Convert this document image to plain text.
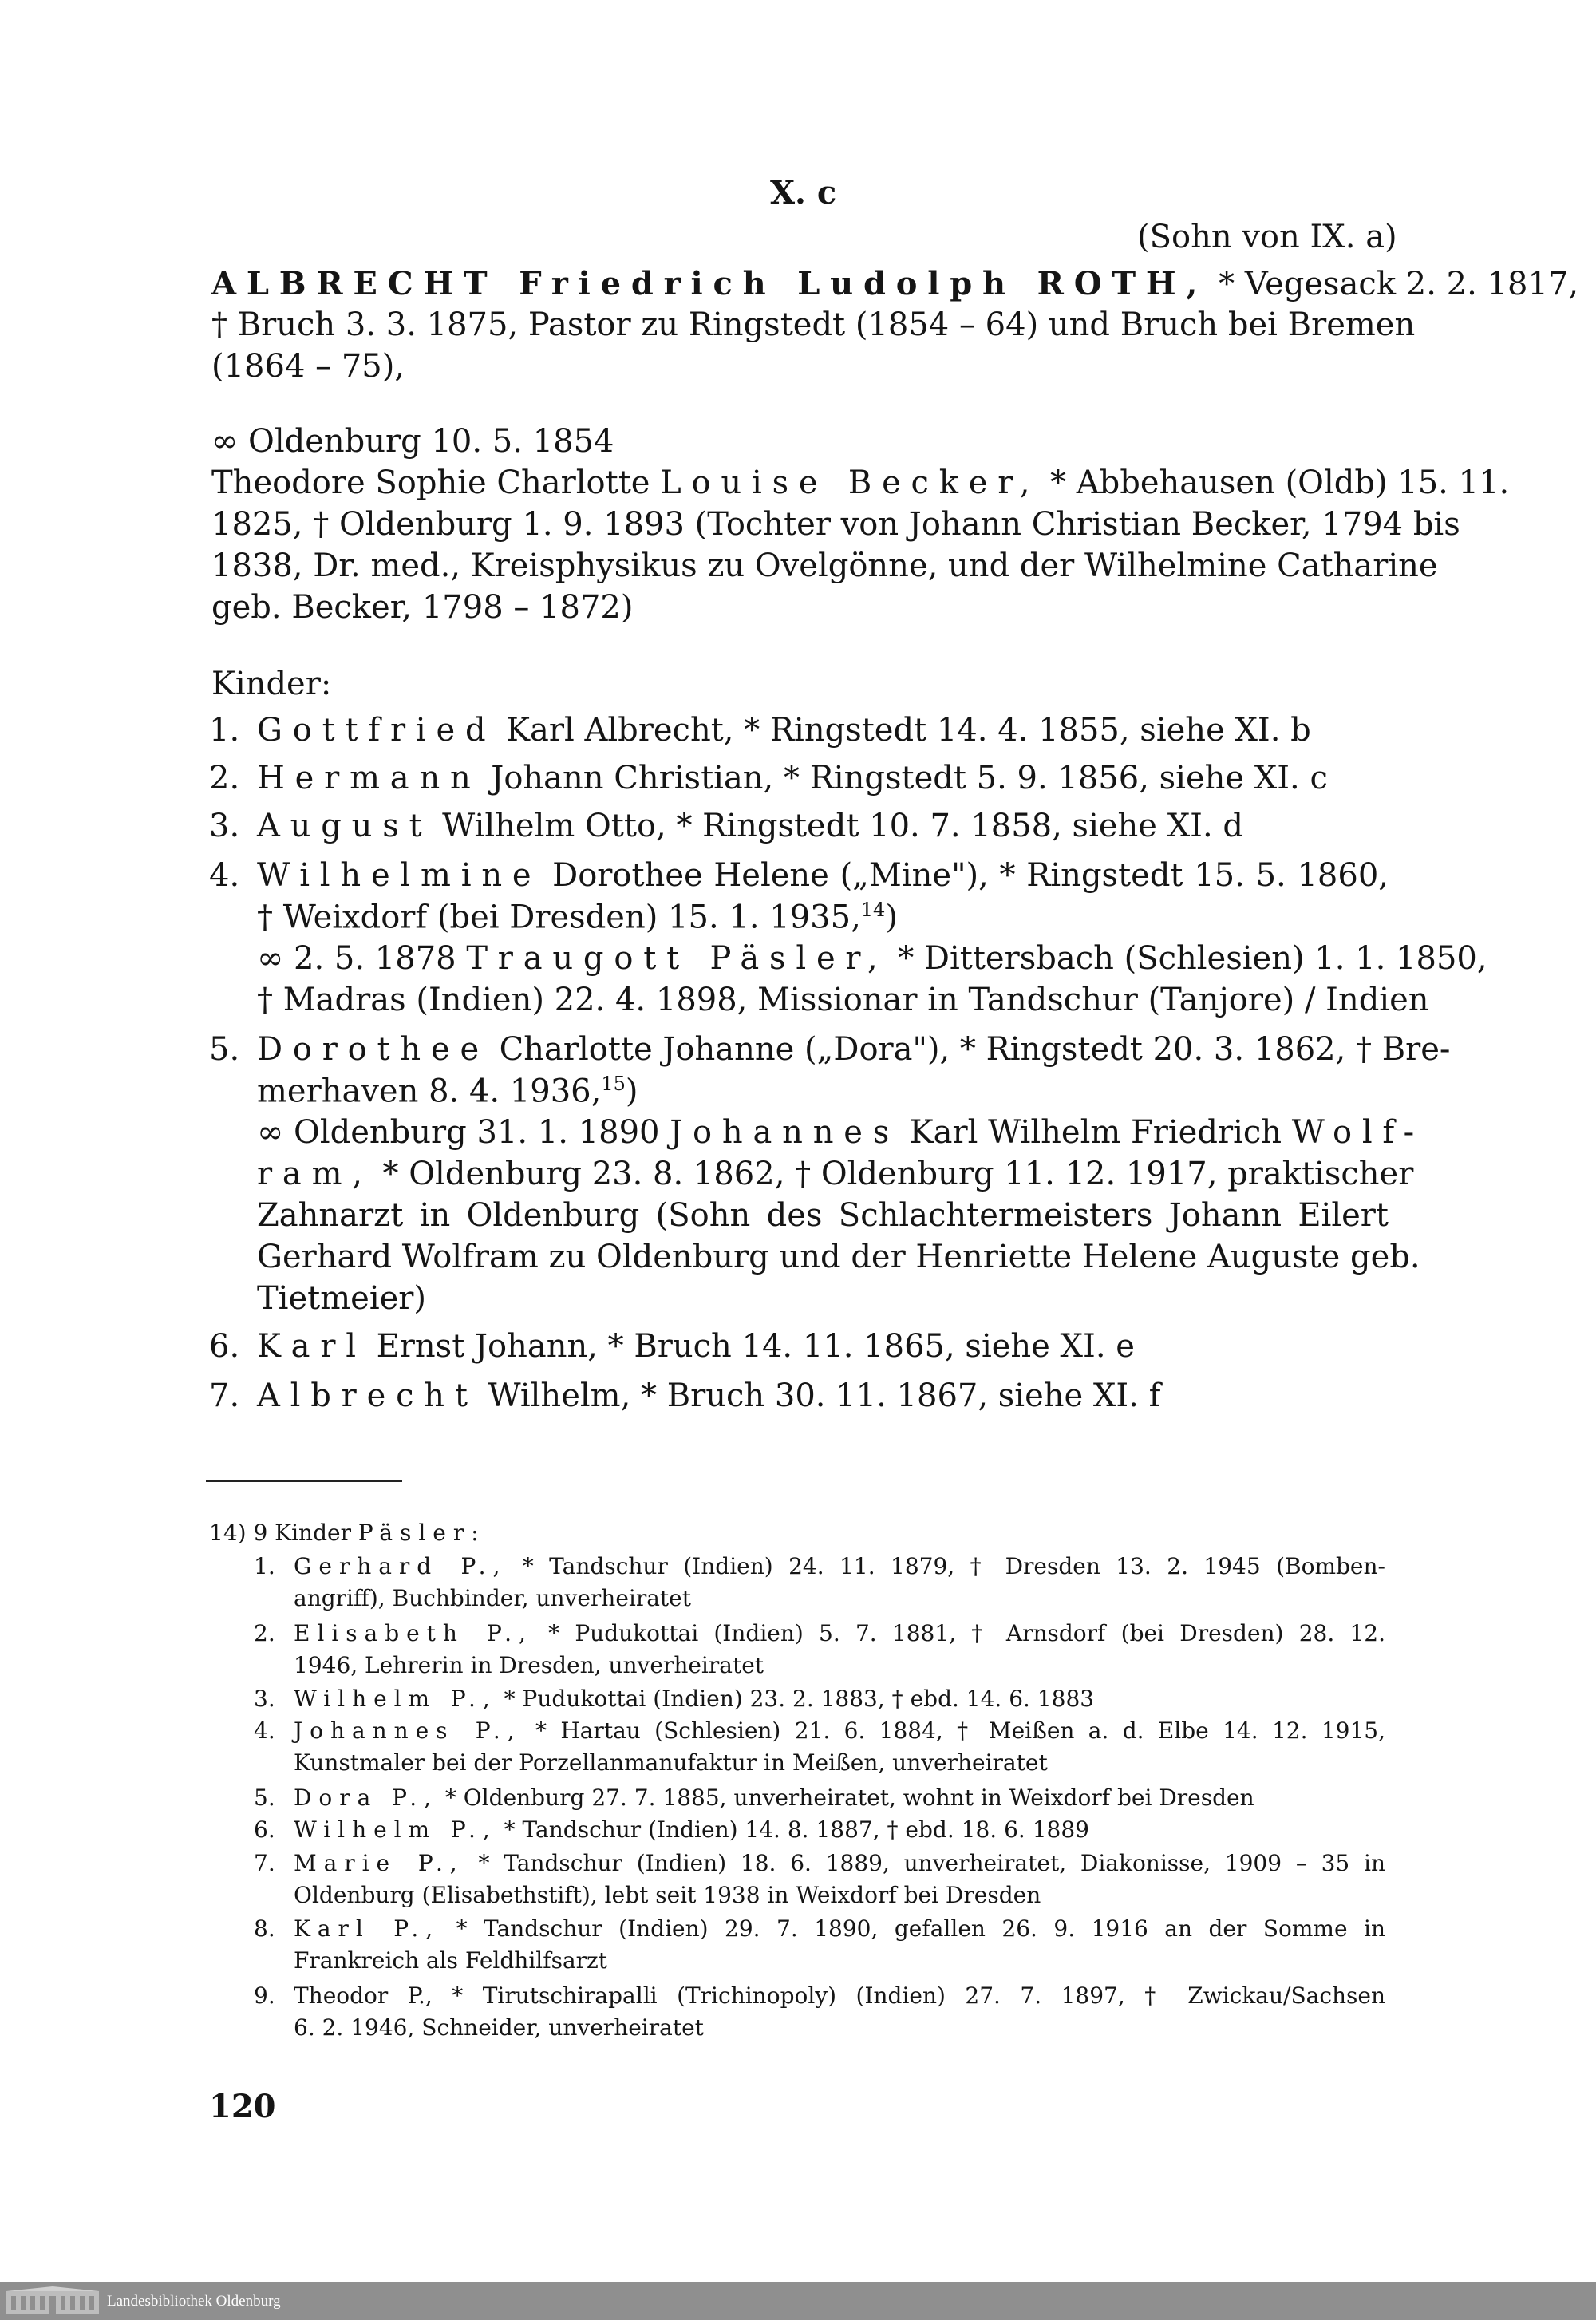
X. c
(Sohn von IX. a)
ALBRECHT Friedrich Ludolph ROTH, * Vegesack 2. 2. 1817,
† Bruch 3. 3. 1875, Pastor zu Ringstedt (1854 – 64) und Bruch bei Bremen
(1864 – 75),
∞ Oldenburg 10. 5. 1854
Theodore Sophie Charlotte Louise Becker, * Abbehausen (Oldb) 15. 11.
1825, † Oldenburg 1. 9. 1893 (Tochter von Johann Christian Becker, 1794 bis
1838, Dr. med., Kreisphysikus zu Ovelgönne, und der Wilhelmine Catharine
geb. Becker, 1798 – 1872)
Kinder:
1. Gottfried Karl Albrecht, * Ringstedt 14. 4. 1855, siehe XI. b
2. Hermann Johann Christian, * Ringstedt 5. 9. 1856, siehe XI. c
3. August Wilhelm Otto, * Ringstedt 10. 7. 1858, siehe XI. d
4. Wilhelmine Dorothee Helene („Mine"), * Ringstedt 15. 5. 1860,
† Weixdorf (bei Dresden) 15. 1. 1935,14)
∞ 2. 5. 1878 Traugott Päsler, * Dittersbach (Schlesien) 1. 1. 1850,
† Madras (Indien) 22. 4. 1898, Missionar in Tandschur (Tanjore) / Indien
5. Dorothee Charlotte Johanne („Dora"), * Ringstedt 20. 3. 1862, † Bre-
merhaven 8. 4. 1936,15)
∞ Oldenburg 31. 1. 1890 Johannes Karl Wilhelm Friedrich Wolf-
ram, * Oldenburg 23. 8. 1862, † Oldenburg 11. 12. 1917, praktischer
Zahnarzt in Oldenburg (Sohn des Schlachtermeisters Johann Eilert
Gerhard Wolfram zu Oldenburg und der Henriette Helene Auguste geb.
Tietmeier)
6. Karl Ernst Johann, * Bruch 14. 11. 1865, siehe XI. e
7. Albrecht Wilhelm, * Bruch 30. 11. 1867, siehe XI. f
14) 9 Kinder Päsler:
1. Gerhard P., * Tandschur (Indien) 24. 11. 1879, † Dresden 13. 2. 1945 (Bomben-
angriff), Buchbinder, unverheiratet
2. Elisabeth P., * Pudukottai (Indien) 5. 7. 1881, † Arnsdorf (bei Dresden) 28. 12.
1946, Lehrerin in Dresden, unverheiratet
3. Wilhelm P., * Pudukottai (Indien) 23. 2. 1883, † ebd. 14. 6. 1883
4. Johannes P., * Hartau (Schlesien) 21. 6. 1884, † Meißen a. d. Elbe 14. 12. 1915,
Kunstmaler bei der Porzellanmanufaktur in Meißen, unverheiratet
5. Dora P., * Oldenburg 27. 7. 1885, unverheiratet, wohnt in Weixdorf bei Dresden
6. Wilhelm P., * Tandschur (Indien) 14. 8. 1887, † ebd. 18. 6. 1889
7. Marie P., * Tandschur (Indien) 18. 6. 1889, unverheiratet, Diakonisse, 1909 – 35 in
Oldenburg (Elisabethstift), lebt seit 1938 in Weixdorf bei Dresden
8. Karl P., * Tandschur (Indien) 29. 7. 1890, gefallen 26. 9. 1916 an der Somme in
Frankreich als Feldhilfsarzt
9. Theodor P., * Tirutschirapalli (Trichinopoly) (Indien) 27. 7. 1897, † Zwickau/Sachsen
6. 2. 1946, Schneider, unverheiratet
120
Landesbibliothek Oldenburg
